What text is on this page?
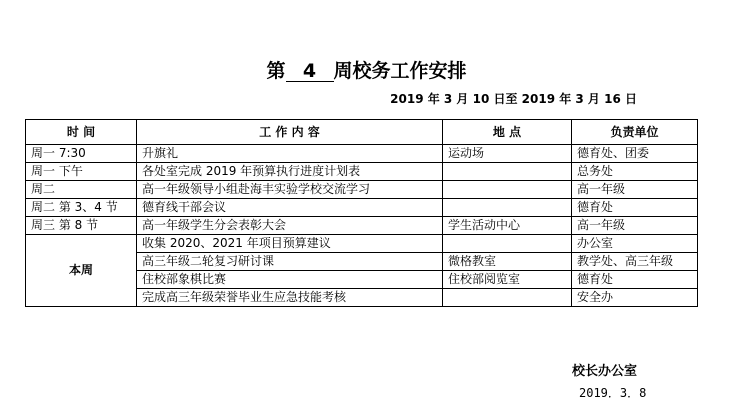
第 4 周校务工作安排
2019 年 3 月 10 日至 2019 年 3 月 16 日
时 间	工 作 内 容	地 点	负责单位
周一 7:30	升旗礼	运动场	德育处、团委
周一 下午	各处室完成 2019 年预算执行进度计划表		总务处
周二	高一年级领导小组赴海丰实验学校交流学习		高一年级
周二 第 3、4 节	德育线干部会议		德育处
周三 第 8 节	高一年级学生分会表彰大会	学生活动中心	高一年级
本周	收集 2020、2021 年项目预算建议		办公室
	高三年级二轮复习研讨课	微格教室	教学处、高三年级
	住校部象棋比赛	住校部阅览室	德育处
	完成高三年级荣誉毕业生应急技能考核		安全办
校长办公室
2019．3．8
